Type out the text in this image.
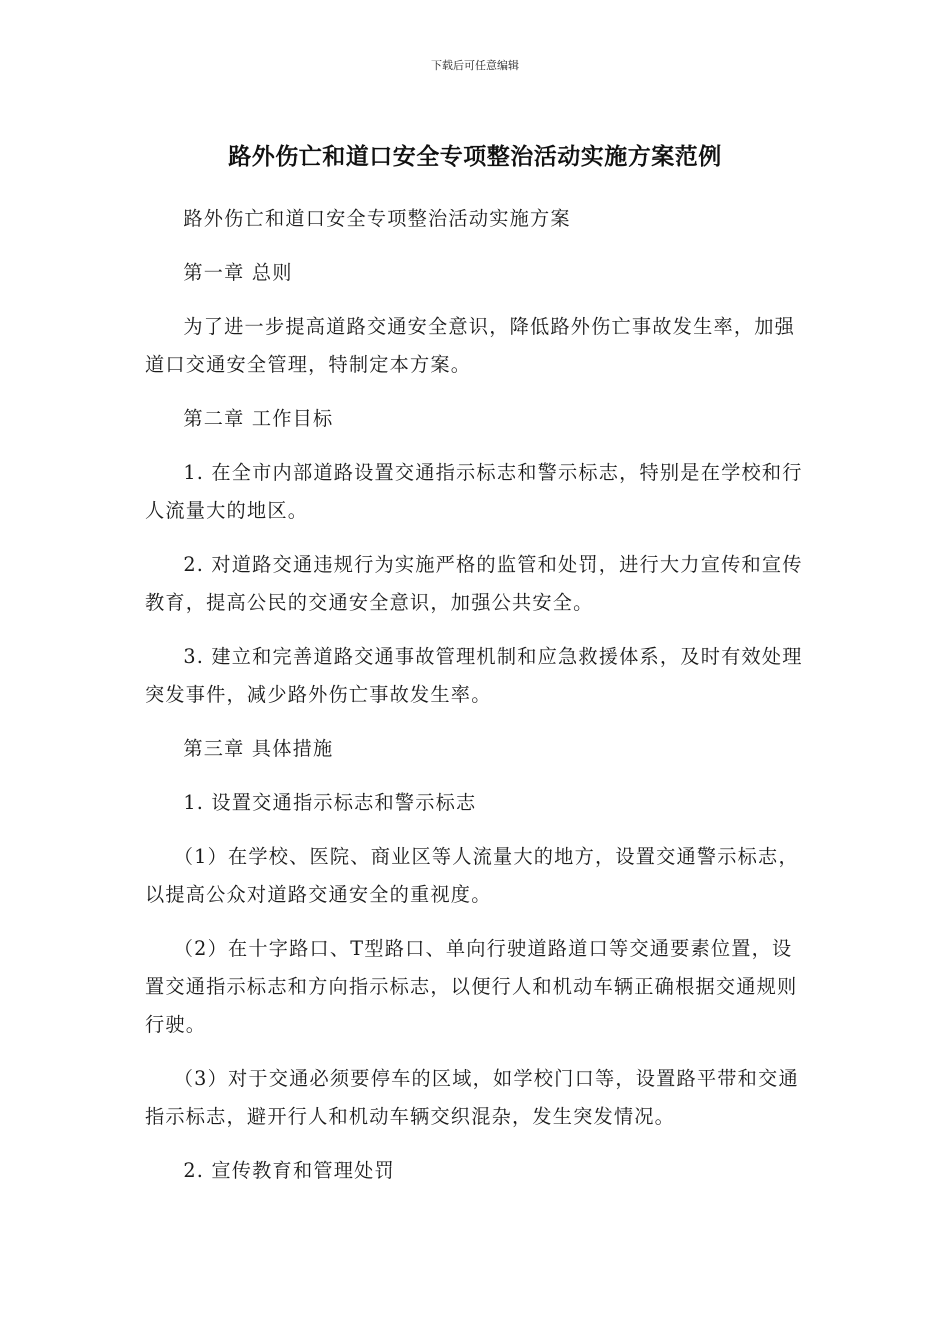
下载后可任意编辑
路外伤亡和道口安全专项整治活动实施方案范例

路外伤亡和道口安全专项整治活动实施方案

第一章 总则

为了进一步提高道路交通安全意识，降低路外伤亡事故发生率，加强道口交通安全管理，特制定本方案。

第二章 工作目标

1. 在全市内部道路设置交通指示标志和警示标志，特别是在学校和行人流量大的地区。

2. 对道路交通违规行为实施严格的监管和处罚，进行大力宣传和宣传教育，提高公民的交通安全意识，加强公共安全。

3. 建立和完善道路交通事故管理机制和应急救援体系，及时有效处理突发事件，减少路外伤亡事故发生率。

第三章 具体措施

1. 设置交通指示标志和警示标志

（1）在学校、医院、商业区等人流量大的地方，设置交通警示标志，以提高公众对道路交通安全的重视度。

（2）在十字路口、T型路口、单向行驶道路道口等交通要素位置，设置交通指示标志和方向指示标志，以便行人和机动车辆正确根据交通规则行驶。

（3）对于交通必须要停车的区域，如学校门口等，设置路平带和交通指示标志，避开行人和机动车辆交织混杂，发生突发情况。

2. 宣传教育和管理处罚
